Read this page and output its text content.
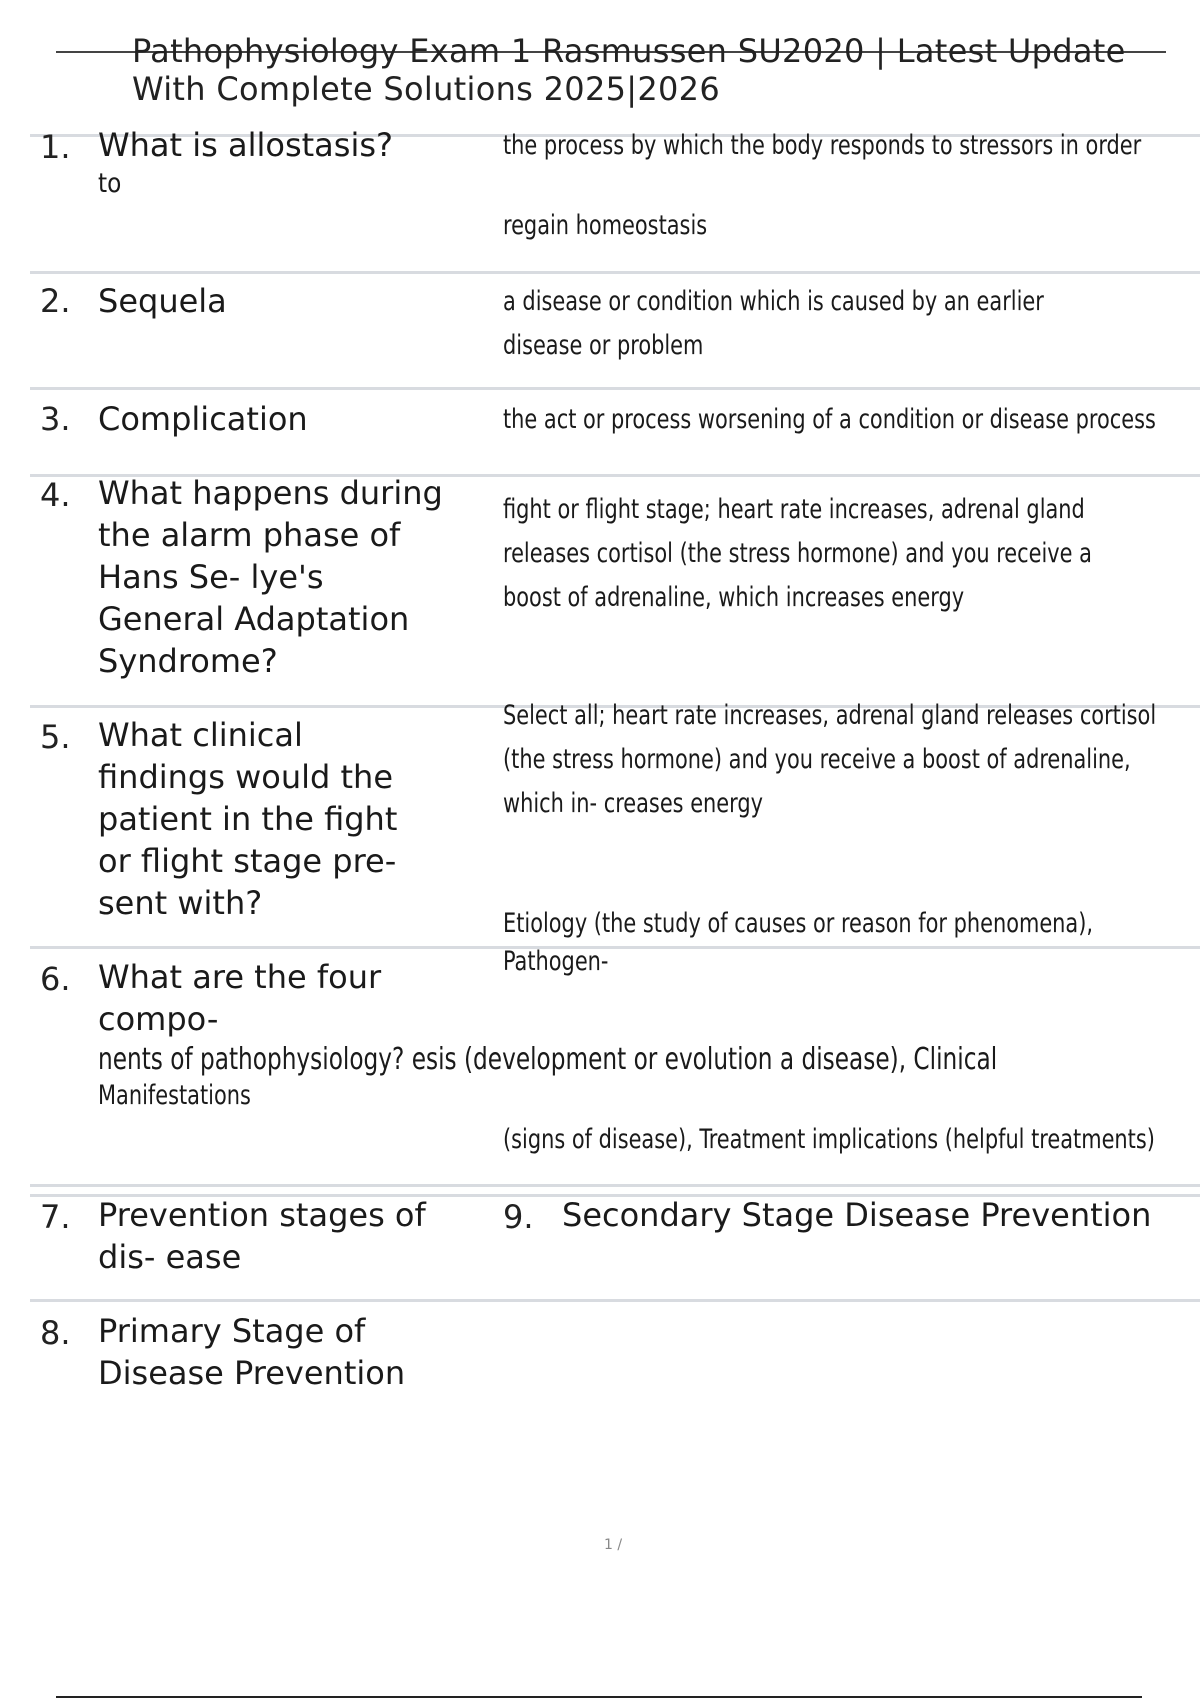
Pathophysiology Exam 1 Rasmussen SU2020 | Latest Update
With Complete Solutions 2025|2026
1. What is allostasis?
to
the process by which the body responds to stressors in order
regain homeostasis
2. Sequela	a disease or condition which is caused by an earlier
disease or problem
3. Complication	the act or process worsening of a condition or disease process
4. What happens during
the alarm phase of
Hans Se- lye's
General Adaptation
Syndrome?
fight or flight stage; heart rate increases, adrenal gland
releases cortisol (the stress hormone) and you receive a
boost of adrenaline, which increases energy
5. What clinical
findings would the
patient in the fight
or flight stage pre-
sent with?
Select all; heart rate increases, adrenal gland releases cortisol
(the stress hormone) and you receive a boost of adrenaline,
which in- creases energy
Etiology (the study of causes or reason for phenomena),
Pathogen-
6. What are the four
compo-
nents of pathophysiology? esis (development or evolution a disease), Clinical
Manifestations
(signs of disease), Treatment implications (helpful treatments)
7. Prevention stages of
dis- ease
9. Secondary Stage Disease Prevention
8. Primary Stage of
Disease Prevention
1 /
